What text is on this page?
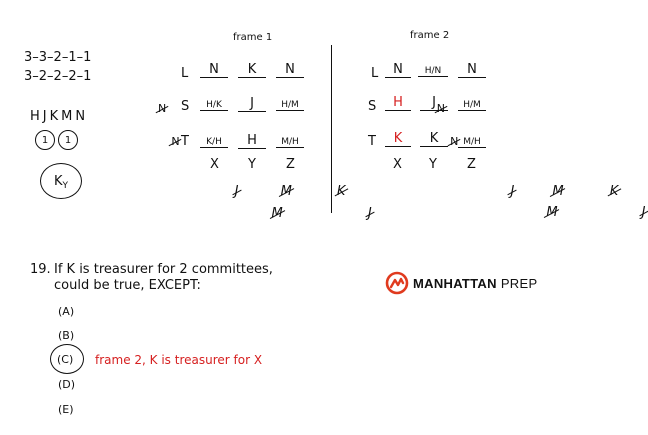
3–3–2–1–1
3–2–2–2–1
HJKMN
1 1
K Y
frame 1
L	N	K	N
N S	H/K	J	H/M
N T	K/H	H	M/H
X Y Z
J	M	K M	J
frame 2
L	N	H/N	N
N
S	H	J	H/M
N
T	K	K	M/H
X Y Z
J	M	K M	J
19. If K is treasurer for 2 committees,
could be true, EXCEPT:
(A)
(B)
(C)
(D)
(E)
frame 2, K is treasurer for X
MANHATTAN PREP
